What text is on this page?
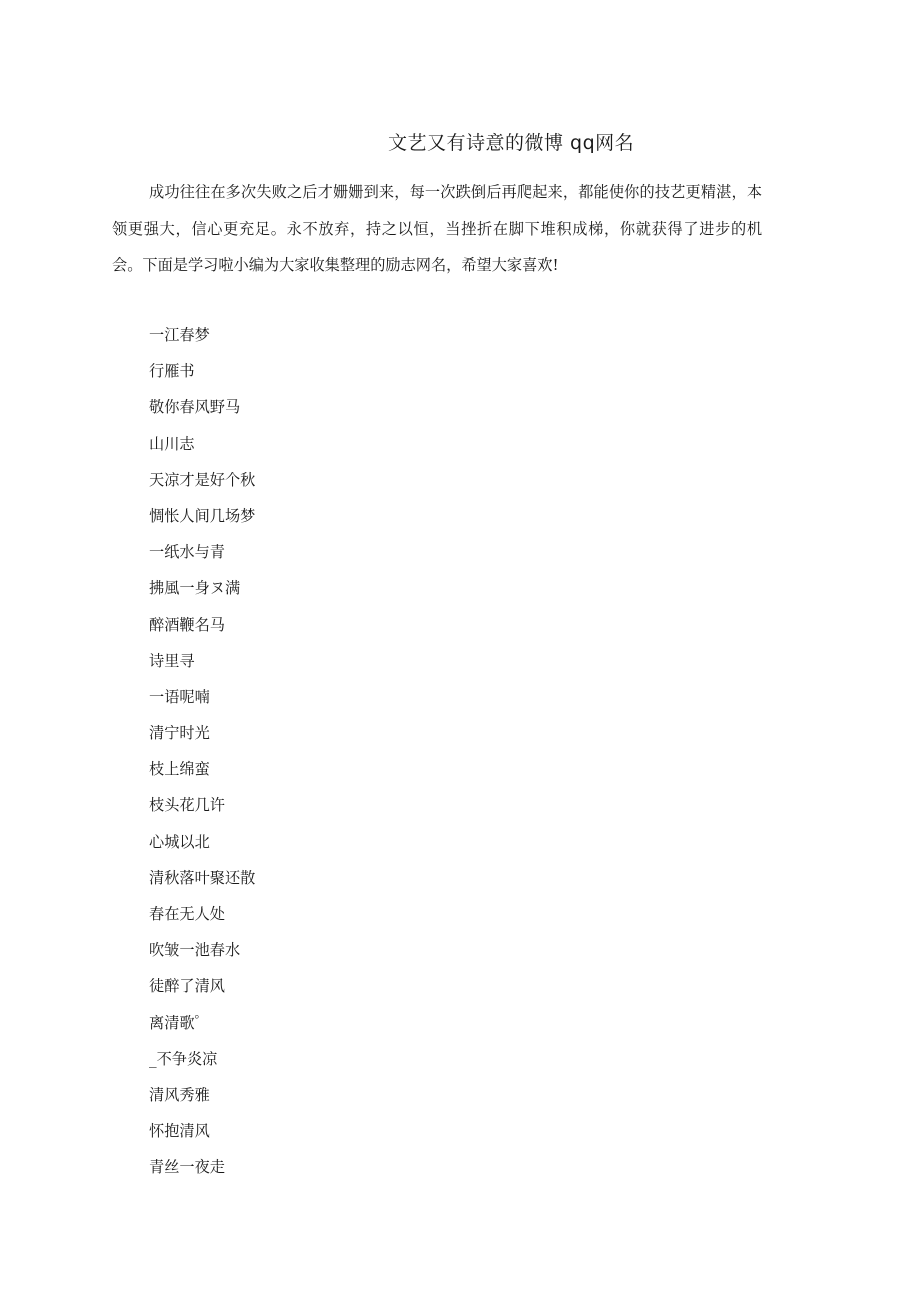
文艺又有诗意的微博 qq网名

成功往往在多次失败之后才姗姗到来，每一次跌倒后再爬起来，都能使你的技艺更精湛，本领更强大，信心更充足。永不放弃，持之以恒，当挫折在脚下堆积成梯，你就获得了进步的机会。下面是学习啦小编为大家收集整理的励志网名，希望大家喜欢!

一江春梦
行雁书
敬你春风野马
山川志
天凉才是好个秋
惆怅人间几场梦
一纸水与青
拂風一身ヌ满
醉酒鞭名马
诗里寻
一语呢喃
清宁时光
枝上绵蛮
枝头花几许
心城以北
清秋落叶聚还散
春在无人处
吹皱一池春水
徒醉了清风
离清歌゜
_不争炎凉
清风秀雅
怀抱清风
青丝一夜走
